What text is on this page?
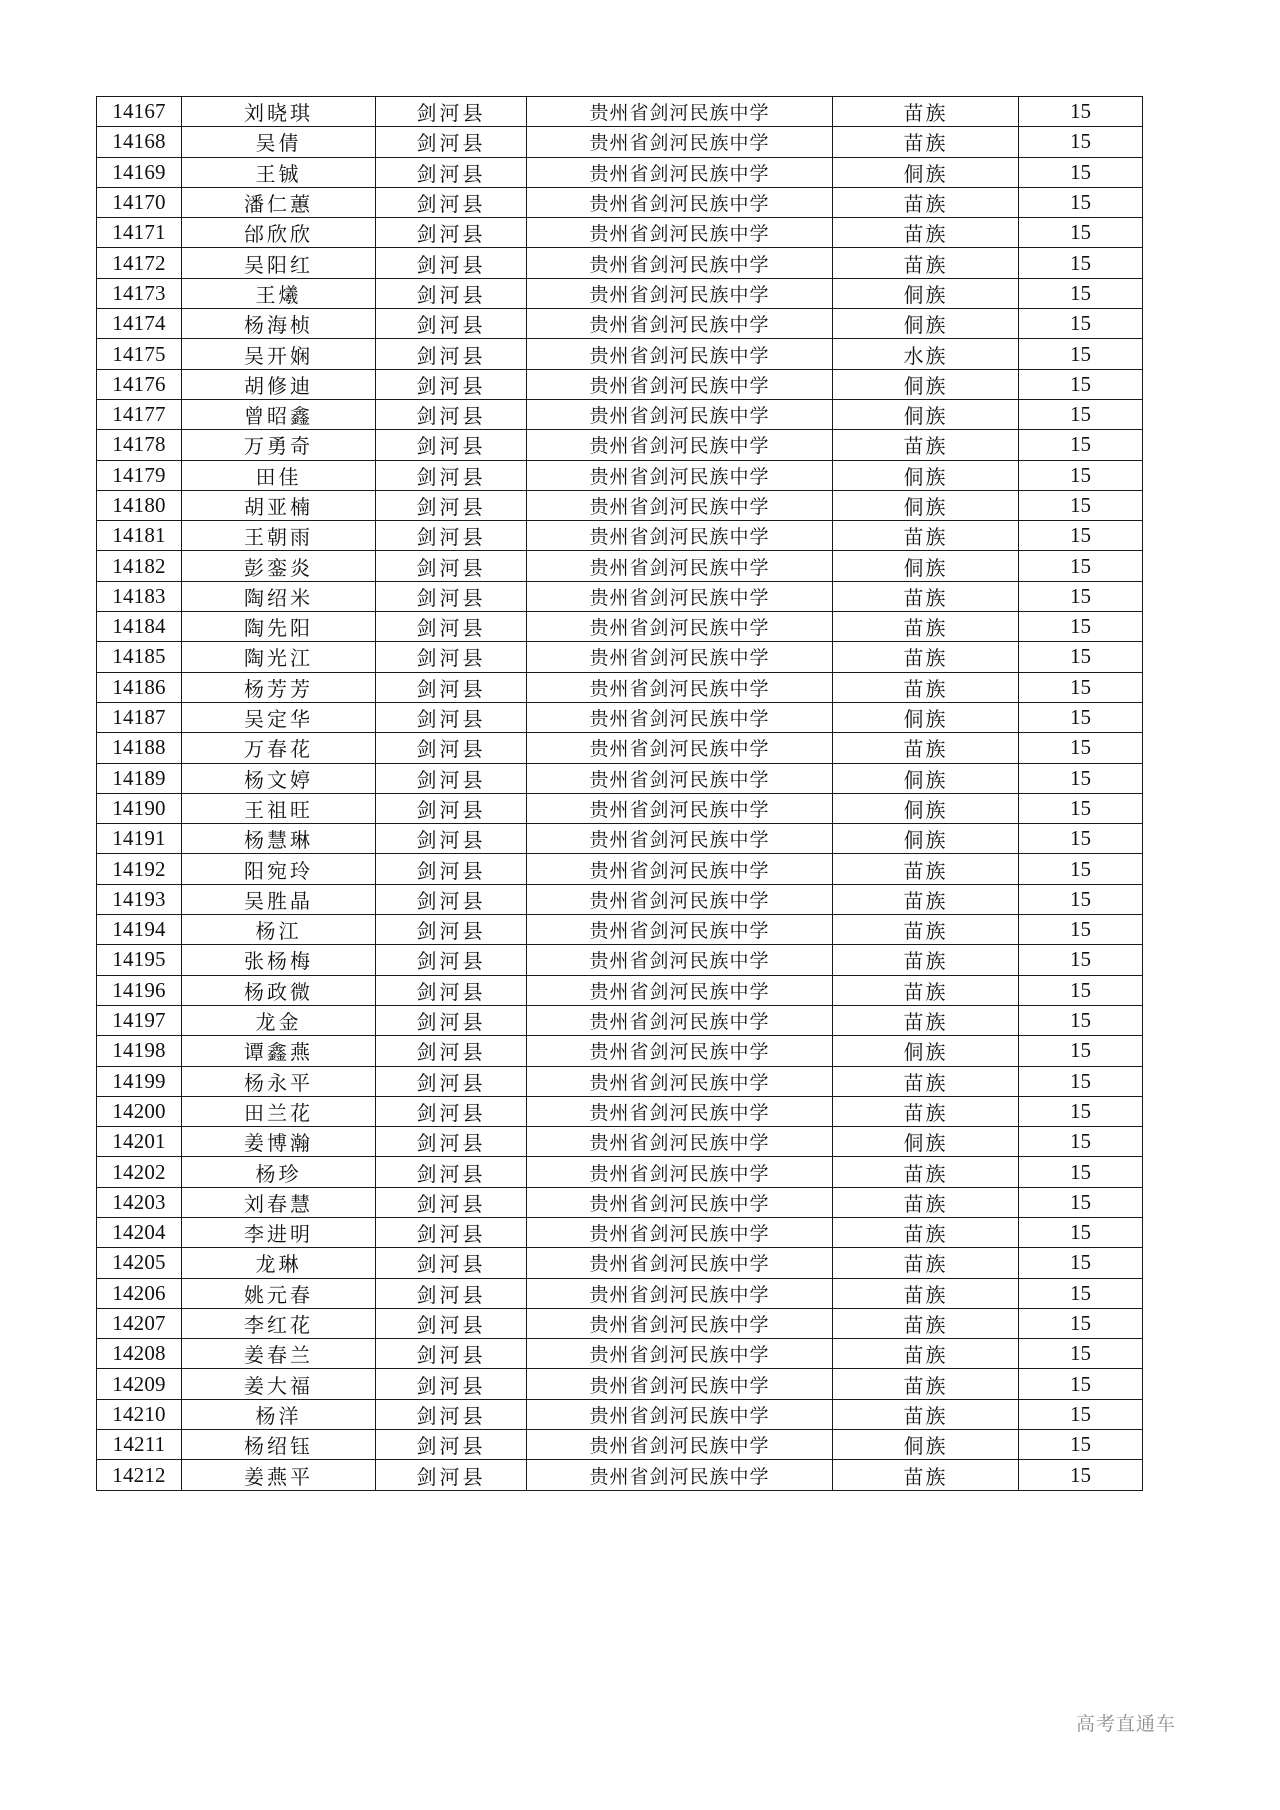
14167	刘晓琪	剑河县	贵州省剑河民族中学	苗族	15
14168	吴倩	剑河县	贵州省剑河民族中学	苗族	15
14169	王铖	剑河县	贵州省剑河民族中学	侗族	15
14170	潘仁蕙	剑河县	贵州省剑河民族中学	苗族	15
14171	邰欣欣	剑河县	贵州省剑河民族中学	苗族	15
14172	吴阳红	剑河县	贵州省剑河民族中学	苗族	15
14173	王爔	剑河县	贵州省剑河民族中学	侗族	15
14174	杨海桢	剑河县	贵州省剑河民族中学	侗族	15
14175	吴开娴	剑河县	贵州省剑河民族中学	水族	15
14176	胡修迪	剑河县	贵州省剑河民族中学	侗族	15
14177	曾昭鑫	剑河县	贵州省剑河民族中学	侗族	15
14178	万勇奇	剑河县	贵州省剑河民族中学	苗族	15
14179	田佳	剑河县	贵州省剑河民族中学	侗族	15
14180	胡亚楠	剑河县	贵州省剑河民族中学	侗族	15
14181	王朝雨	剑河县	贵州省剑河民族中学	苗族	15
14182	彭銮炎	剑河县	贵州省剑河民族中学	侗族	15
14183	陶绍米	剑河县	贵州省剑河民族中学	苗族	15
14184	陶先阳	剑河县	贵州省剑河民族中学	苗族	15
14185	陶光江	剑河县	贵州省剑河民族中学	苗族	15
14186	杨芳芳	剑河县	贵州省剑河民族中学	苗族	15
14187	吴定华	剑河县	贵州省剑河民族中学	侗族	15
14188	万春花	剑河县	贵州省剑河民族中学	苗族	15
14189	杨文婷	剑河县	贵州省剑河民族中学	侗族	15
14190	王祖旺	剑河县	贵州省剑河民族中学	侗族	15
14191	杨慧琳	剑河县	贵州省剑河民族中学	侗族	15
14192	阳宛玲	剑河县	贵州省剑河民族中学	苗族	15
14193	吴胜晶	剑河县	贵州省剑河民族中学	苗族	15
14194	杨江	剑河县	贵州省剑河民族中学	苗族	15
14195	张杨梅	剑河县	贵州省剑河民族中学	苗族	15
14196	杨政微	剑河县	贵州省剑河民族中学	苗族	15
14197	龙金	剑河县	贵州省剑河民族中学	苗族	15
14198	谭鑫燕	剑河县	贵州省剑河民族中学	侗族	15
14199	杨永平	剑河县	贵州省剑河民族中学	苗族	15
14200	田兰花	剑河县	贵州省剑河民族中学	苗族	15
14201	姜博瀚	剑河县	贵州省剑河民族中学	侗族	15
14202	杨珍	剑河县	贵州省剑河民族中学	苗族	15
14203	刘春慧	剑河县	贵州省剑河民族中学	苗族	15
14204	李进明	剑河县	贵州省剑河民族中学	苗族	15
14205	龙琳	剑河县	贵州省剑河民族中学	苗族	15
14206	姚元春	剑河县	贵州省剑河民族中学	苗族	15
14207	李红花	剑河县	贵州省剑河民族中学	苗族	15
14208	姜春兰	剑河县	贵州省剑河民族中学	苗族	15
14209	姜大福	剑河县	贵州省剑河民族中学	苗族	15
14210	杨洋	剑河县	贵州省剑河民族中学	苗族	15
14211	杨绍钰	剑河县	贵州省剑河民族中学	侗族	15
14212	姜燕平	剑河县	贵州省剑河民族中学	苗族	15
高考直通车
